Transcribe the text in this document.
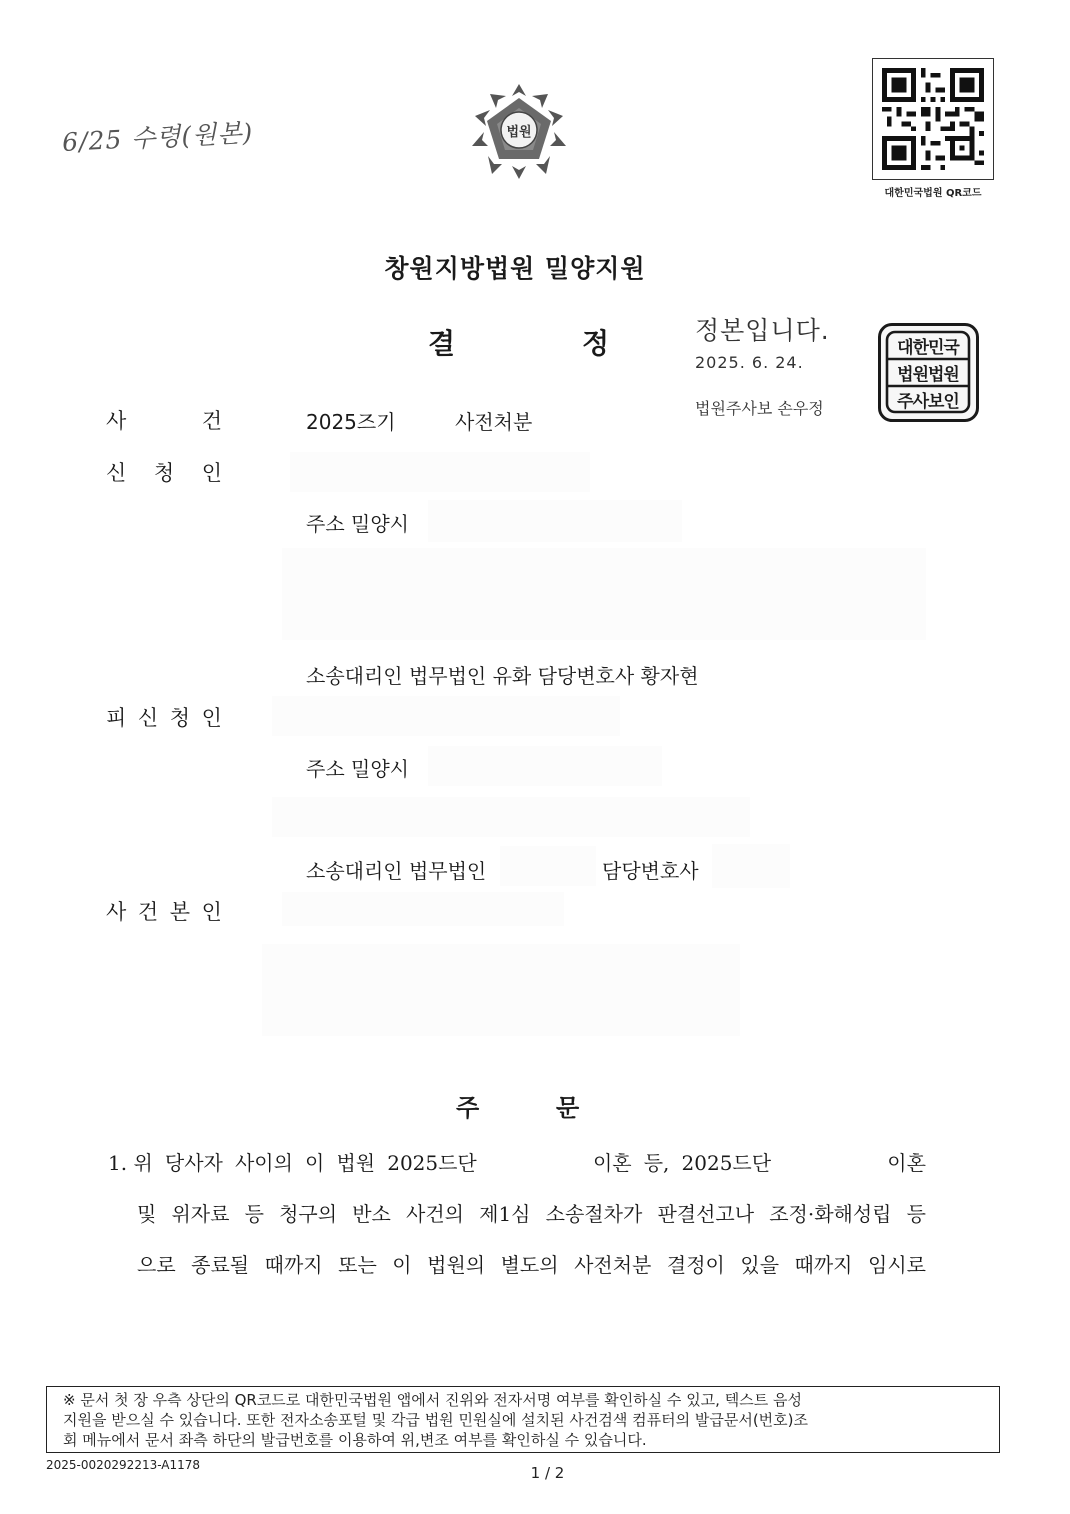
6/25 수령(원본)	법원
대한민국법원 QR코드
창원지방법원 밀양지원
결	정	정본입니다.
2025. 6. 24.
법원주사보 손우정
대한민국
법원법원
주사보인
사	건	2025즈기	사전처분
신 청 인
주소 밀양시
소송대리인 법무법인 유화 담당변호사 황자현
피 신 청 인
주소 밀양시
소송대리인 법무법인	담당변호사
사 건 본 인
주	문
1. 위 당사자 사이의 이 법원 2025드단	이혼 등, 2025드단	이혼
및 위자료 등 청구의 반소 사건의 제1심 소송절차가 판결선고나 조정·화해성립 등
으로 종료될 때까지 또는 이 법원의 별도의 사전처분 결정이 있을 때까지 임시로
※ 문서 첫 장 우측 상단의 QR코드로 대한민국법원 앱에서 진위와 전자서명 여부를 확인하실 수 있고, 텍스트 음성
지원을 받으실 수 있습니다. 또한 전자소송포털 및 각급 법원 민원실에 설치된 사건검색 컴퓨터의 발급문서(번호)조
회 메뉴에서 문서 좌측 하단의 발급번호를 이용하여 위,변조 여부를 확인하실 수 있습니다.
2025-0020292213-A1178	1 / 2
